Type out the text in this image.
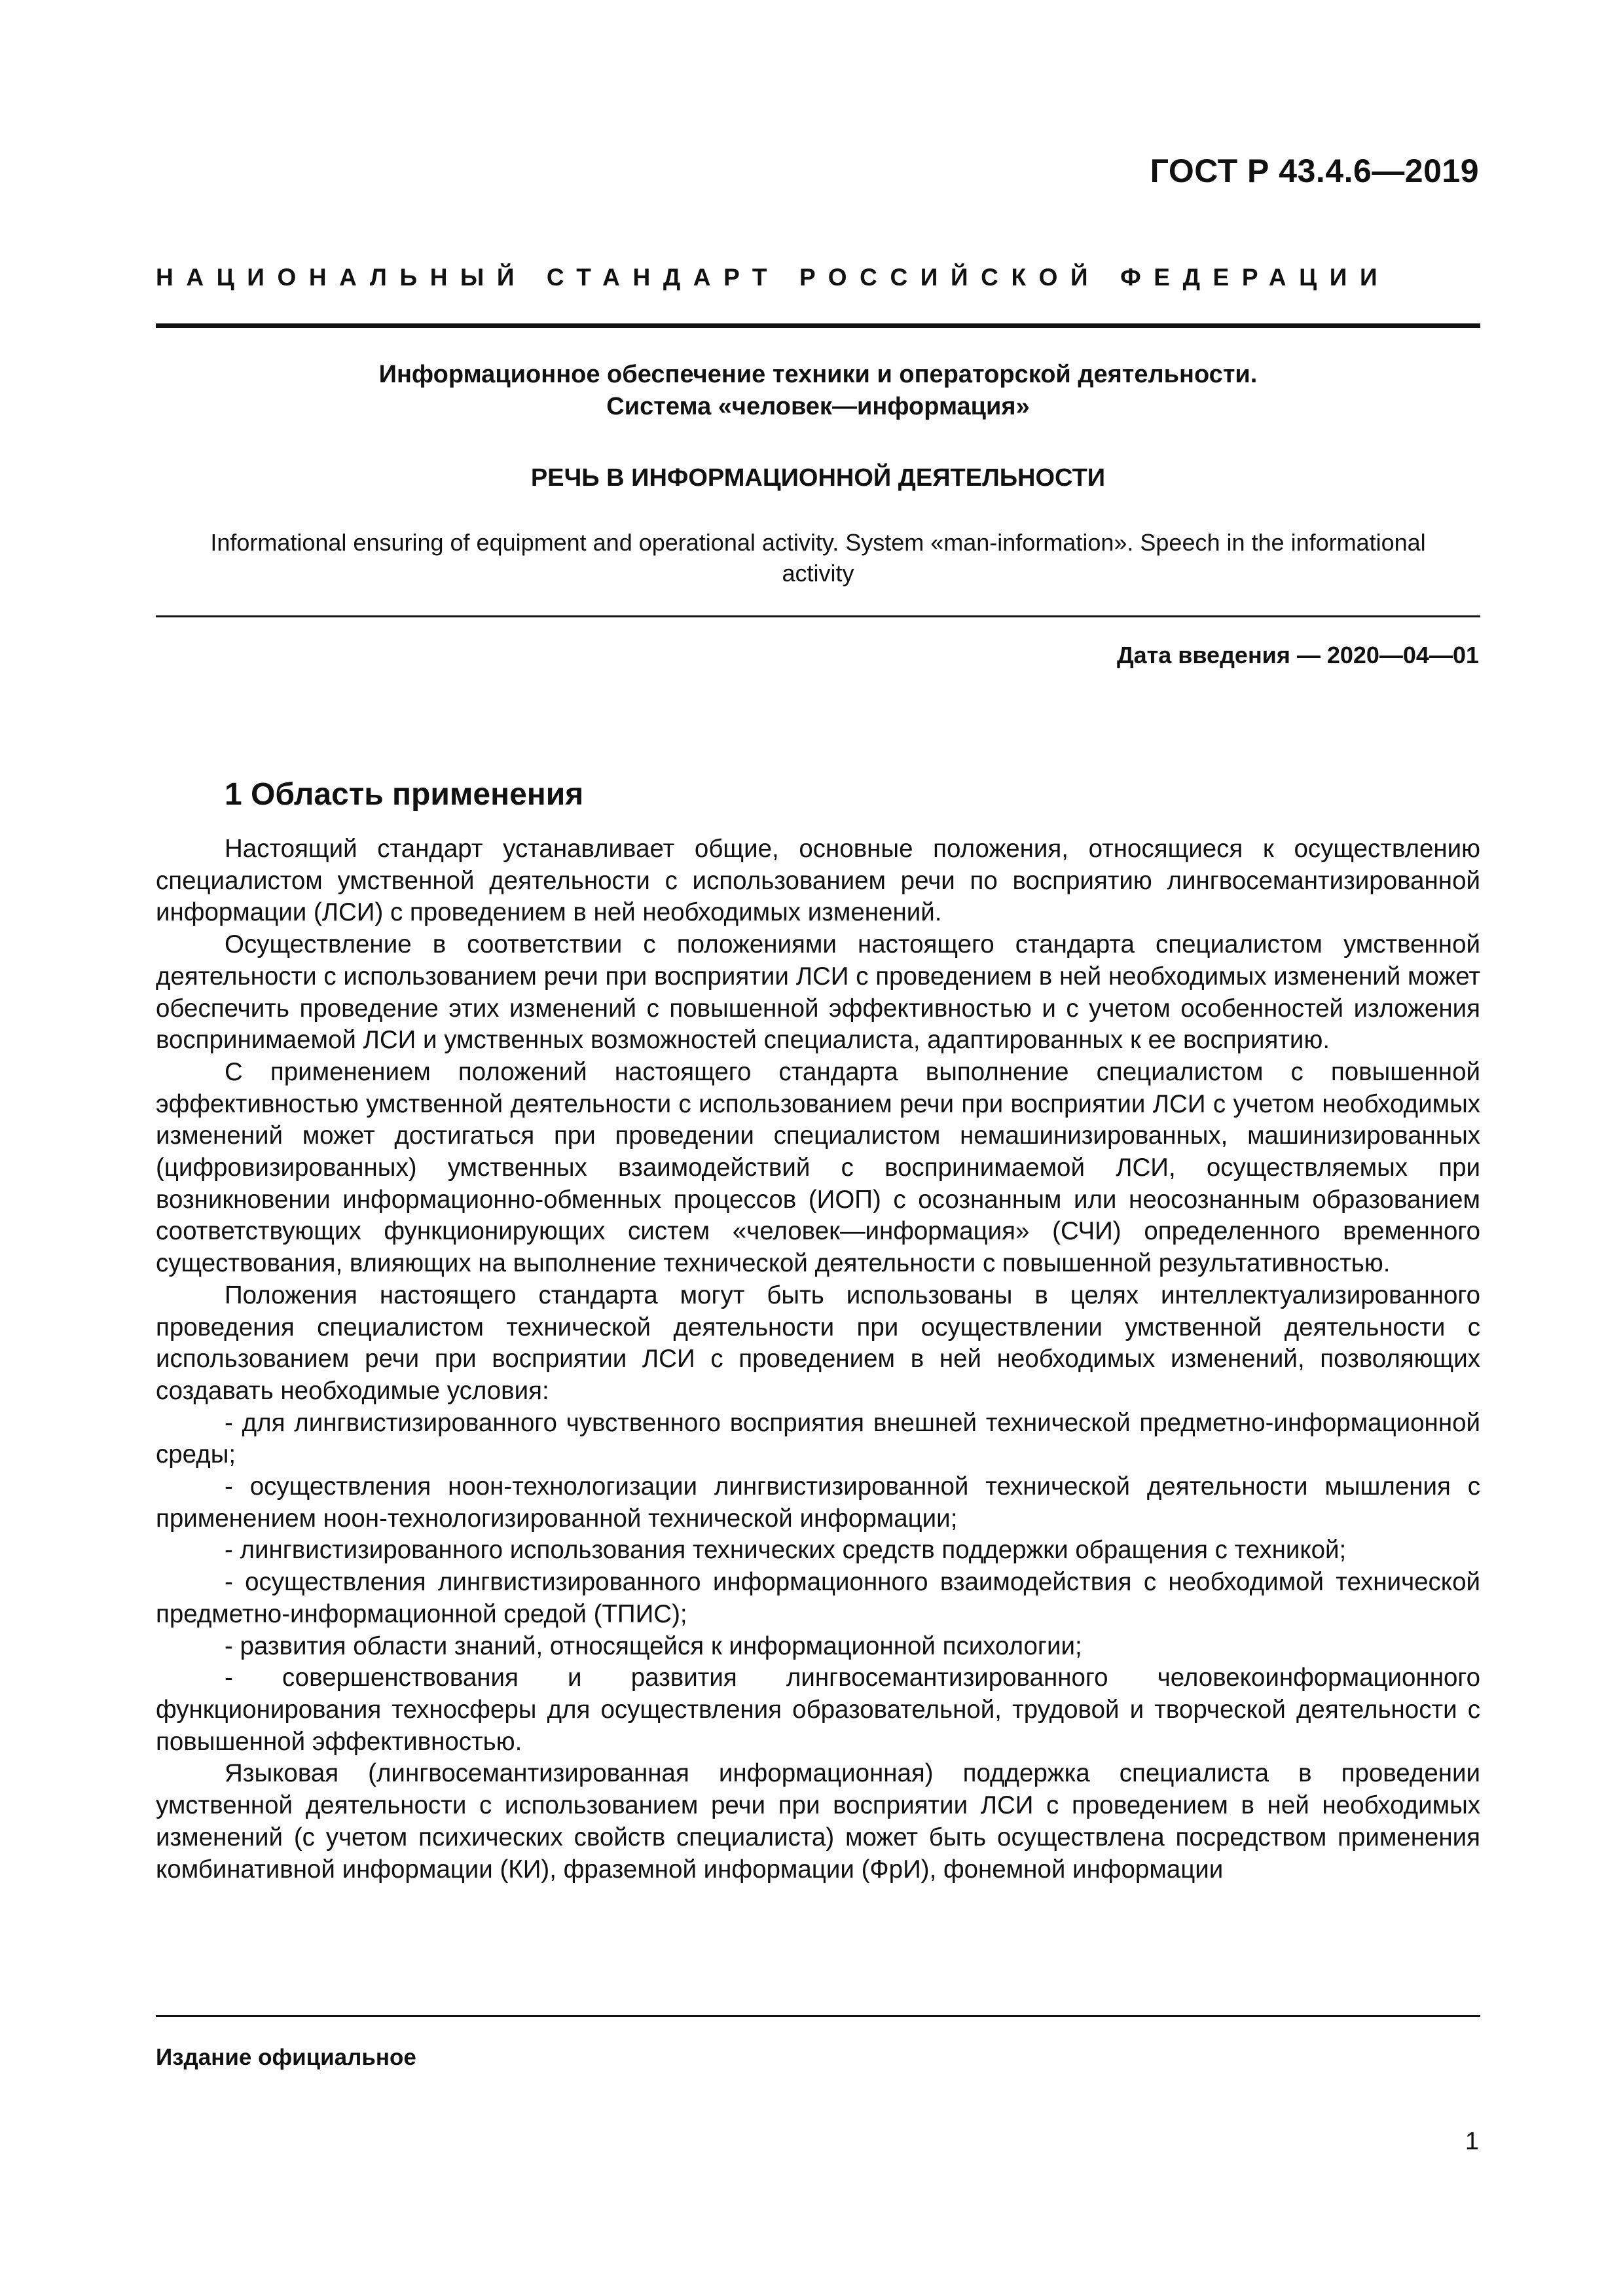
ГОСТ Р 43.4.6—2019
НАЦИОНАЛЬНЫЙ СТАНДАРТ РОССИЙСКОЙ ФЕДЕРАЦИИ
Информационное обеспечение техники и операторской деятельности.
Система «человек—информация»
РЕЧЬ В ИНФОРМАЦИОННОЙ ДЕЯТЕЛЬНОСТИ
Informational ensuring of equipment and operational activity. System «man-information». Speech in the informational activity
Дата введения — 2020—04—01
1 Область применения

Настоящий стандарт устанавливает общие, основные положения, относящиеся к осуществлению специалистом умственной деятельности с использованием речи по восприятию лингвосемантизированной информации (ЛСИ) с проведением в ней необходимых изменений.

Осуществление в соответствии с положениями настоящего стандарта специалистом умственной деятельности с использованием речи при восприятии ЛСИ с проведением в ней необходимых изменений может обеспечить проведение этих изменений с повышенной эффективностью и с учетом особенностей изложения воспринимаемой ЛСИ и умственных возможностей специалиста, адаптированных к ее восприятию.

С применением положений настоящего стандарта выполнение специалистом с повышенной эффективностью умственной деятельности с использованием речи при восприятии ЛСИ с учетом необходимых изменений может достигаться при проведении специалистом немашинизированных, машинизированных (цифровизированных) умственных взаимодействий с воспринимаемой ЛСИ, осуществляемых при возникновении информационно-обменных процессов (ИОП) с осознанным или неосознанным образованием соответствующих функционирующих систем «человек—информация» (СЧИ) определенного временного существования, влияющих на выполнение технической деятельности с повышенной результативностью.

Положения настоящего стандарта могут быть использованы в целях интеллектуализированного проведения специалистом технической деятельности при осуществлении умственной деятельности с использованием речи при восприятии ЛСИ с проведением в ней необходимых изменений, позволяющих создавать необходимые условия:

- для лингвистизированного чувственного восприятия внешней технической предметно-информационной среды;

- осуществления ноон-технологизации лингвистизированной технической деятельности мышления с применением ноон-технологизированной технической информации;

- лингвистизированного использования технических средств поддержки обращения с техникой;

- осуществления лингвистизированного информационного взаимодействия с необходимой технической предметно-информационной средой (ТПИС);

- развития области знаний, относящейся к информационной психологии;

- совершенствования и развития лингвосемантизированного человекоинформационного функционирования техносферы для осуществления образовательной, трудовой и творческой деятельности с повышенной эффективностью.

Языковая (лингвосемантизированная информационная) поддержка специалиста в проведении умственной деятельности с использованием речи при восприятии ЛСИ с проведением в ней необходимых изменений (с учетом психических свойств специалиста) может быть осуществлена посредством применения комбинативной информации (КИ), фраземной информации (ФрИ), фонемной информации

Издание официальное
1
